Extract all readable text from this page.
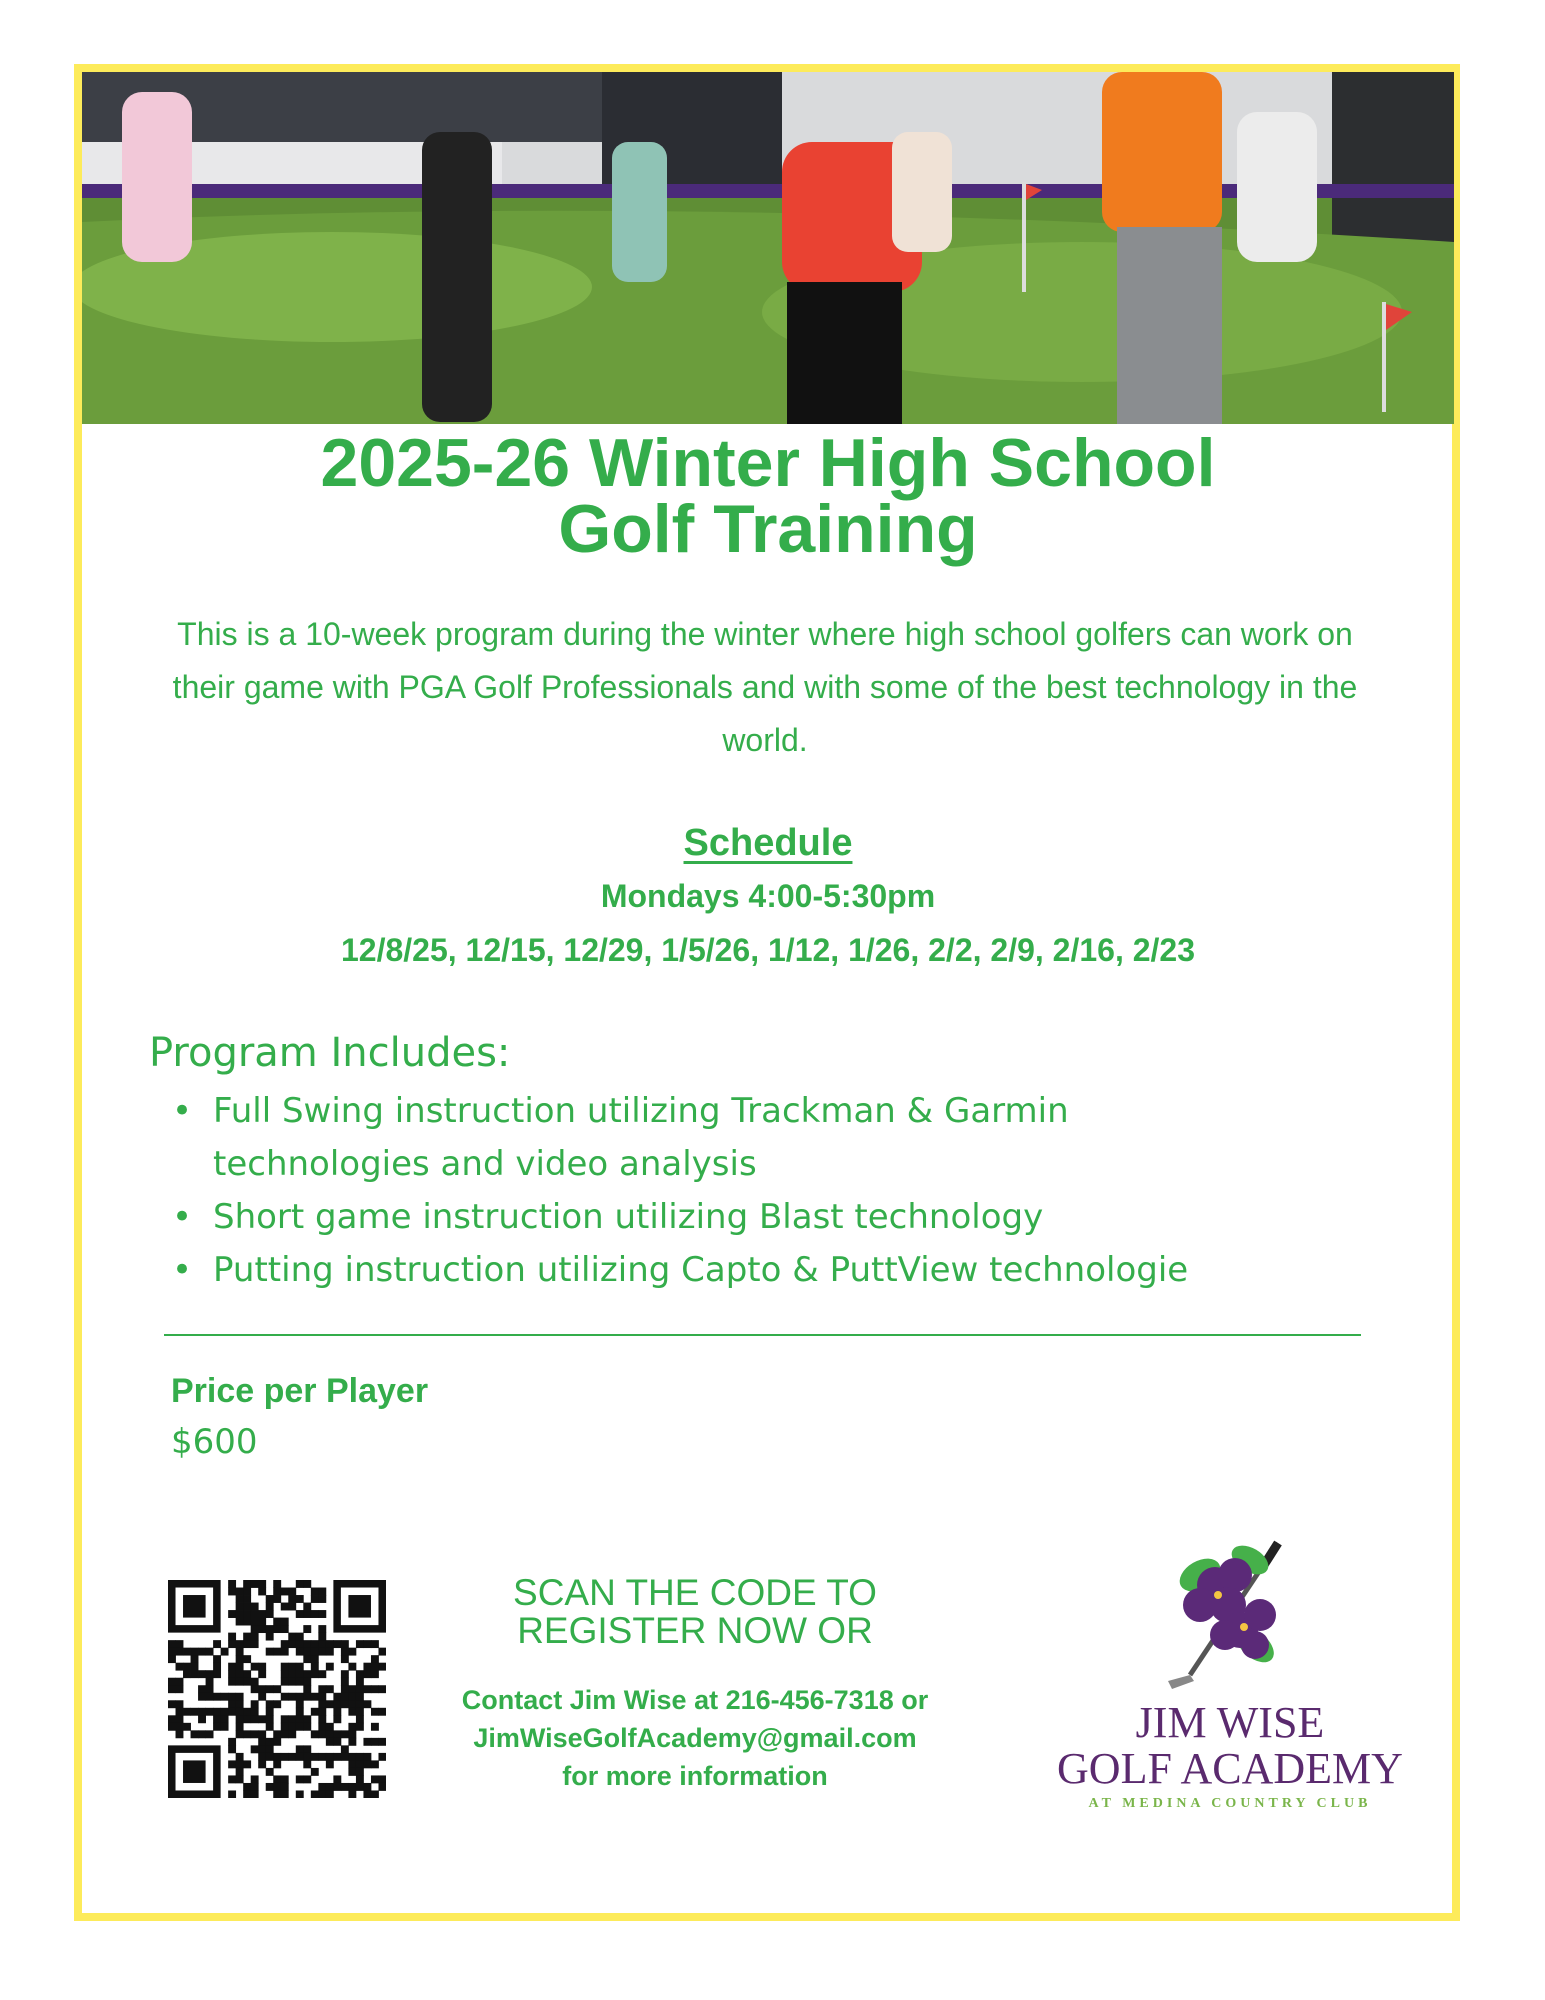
2025-26 Winter High School
Golf Training

This is a 10-week program during the winter where high school golfers can work on their game with PGA Golf Professionals and with some of the best technology in the world.

Schedule

Mondays 4:00-5:30pm

12/8/25, 12/15, 12/29, 1/5/26, 1/12, 1/26, 2/2, 2/9, 2/16, 2/23

Program Includes:

• Full Swing instruction utilizing Trackman & Garmin technologies and video analysis
• Short game instruction utilizing Blast technology
• Putting instruction utilizing Capto & PuttView technologie

Price per Player

$600

SCAN THE CODE TO
REGISTER NOW OR

Contact Jim Wise at 216-456-7318 or
JimWiseGolfAcademy@gmail.com
for more information

JIM WISE
GOLF ACADEMY

AT MEDINA COUNTRY CLUB
